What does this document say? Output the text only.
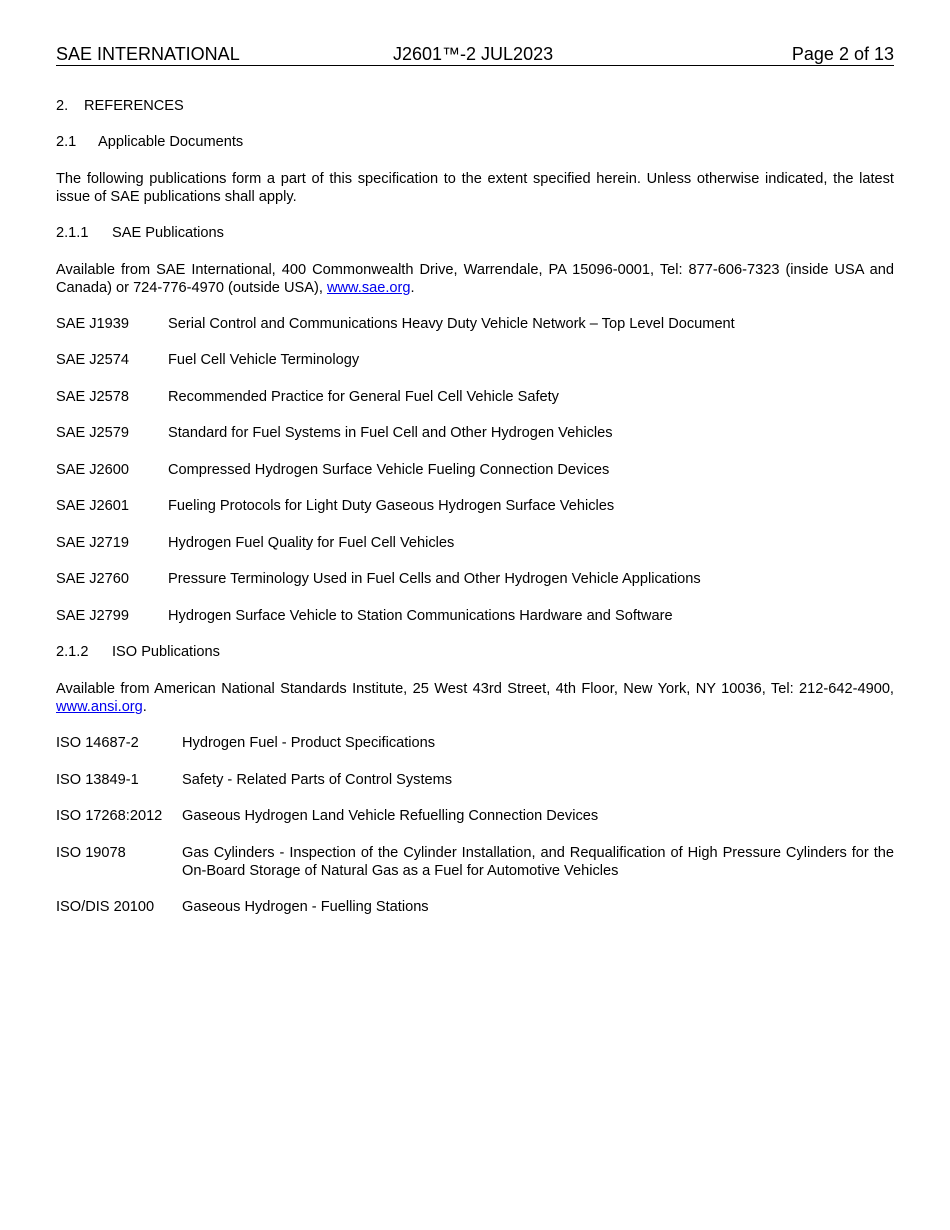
SAE INTERNATIONAL	J2601™-2 JUL2023	Page 2 of 13
2. REFERENCES
2.1 Applicable Documents
The following publications form a part of this specification to the extent specified herein. Unless otherwise indicated, the latest issue of SAE publications shall apply.
2.1.1 SAE Publications
Available from SAE International, 400 Commonwealth Drive, Warrendale, PA 15096-0001, Tel: 877-606-7323 (inside USA and Canada) or 724-776-4970 (outside USA), www.sae.org.
SAE J1939	Serial Control and Communications Heavy Duty Vehicle Network – Top Level Document
SAE J2574	Fuel Cell Vehicle Terminology
SAE J2578	Recommended Practice for General Fuel Cell Vehicle Safety
SAE J2579	Standard for Fuel Systems in Fuel Cell and Other Hydrogen Vehicles
SAE J2600	Compressed Hydrogen Surface Vehicle Fueling Connection Devices
SAE J2601	Fueling Protocols for Light Duty Gaseous Hydrogen Surface Vehicles
SAE J2719	Hydrogen Fuel Quality for Fuel Cell Vehicles
SAE J2760	Pressure Terminology Used in Fuel Cells and Other Hydrogen Vehicle Applications
SAE J2799	Hydrogen Surface Vehicle to Station Communications Hardware and Software
2.1.2 ISO Publications
Available from American National Standards Institute, 25 West 43rd Street, 4th Floor, New York, NY 10036, Tel: 212-642-4900, www.ansi.org.
ISO 14687-2	Hydrogen Fuel - Product Specifications
ISO 13849-1	Safety - Related Parts of Control Systems
ISO 17268:2012	Gaseous Hydrogen Land Vehicle Refuelling Connection Devices
ISO 19078	Gas Cylinders - Inspection of the Cylinder Installation, and Requalification of High Pressure Cylinders for the On-Board Storage of Natural Gas as a Fuel for Automotive Vehicles
ISO/DIS 20100	Gaseous Hydrogen - Fuelling Stations
